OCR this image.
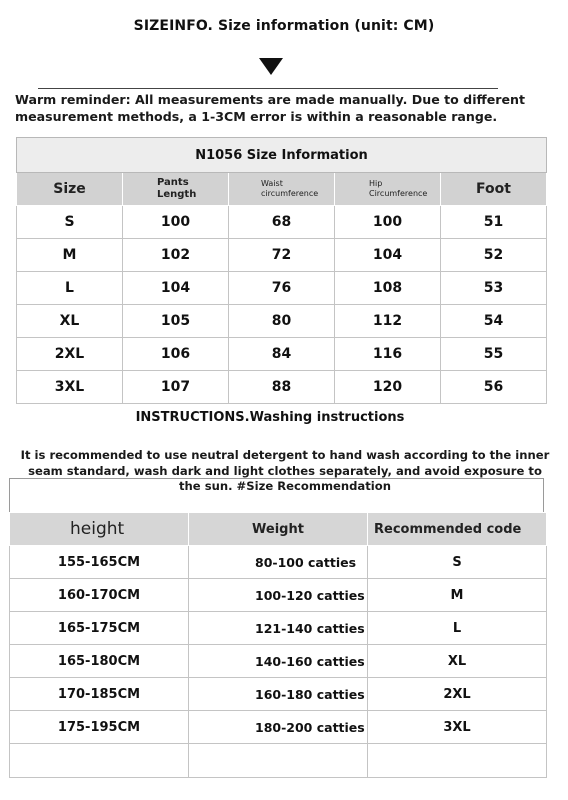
SIZEINFO. Size information (unit: CM)
Warm reminder: All measurements are made manually. Due to different measurement methods, a 1-3CM error is within a reasonable range.
N1056 Size Information				
Size	Pants Length	Waist circumference	Hip Circumference	Foot
S	100	68	100	51
M	102	72	104	52
L	104	76	108	53
XL	105	80	112	54
2XL	106	84	116	55
3XL	107	88	120	56
INSTRUCTIONS.Washing instructions
It is recommended to use neutral detergent to hand wash according to the inner seam standard, wash dark and light clothes separately, and avoid exposure to the sun. #Size Recommendation
height	Weight	Recommended code
155-165CM	80-100 catties	S
160-170CM	100-120 catties	M
165-175CM	121-140 catties	L
165-180CM	140-160 catties	XL
170-185CM	160-180 catties	2XL
175-195CM	180-200 catties	3XL
